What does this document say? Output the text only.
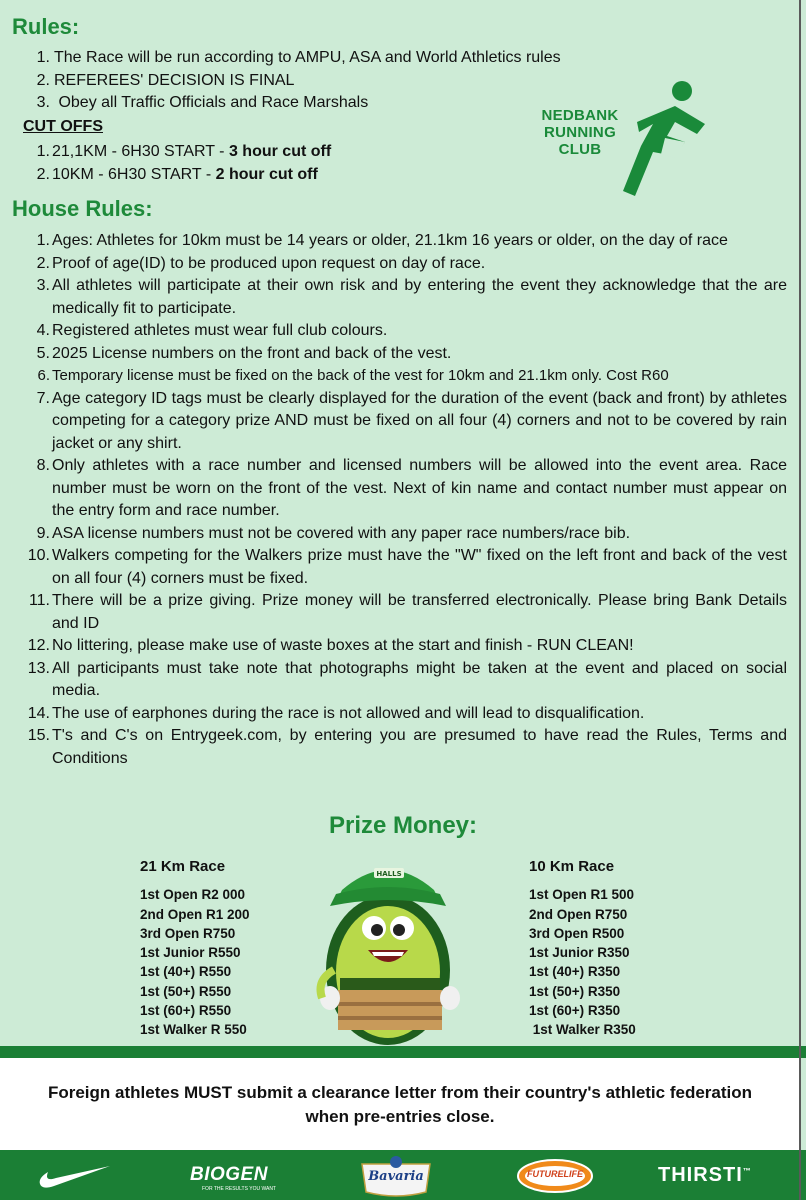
Rules:
1. The Race will be run according to AMPU, ASA and World Athletics rules
2. REFEREES' DECISION IS FINAL
3. Obey all Traffic Officials and Race Marshals
CUT OFFS
1. 21,1KM - 6H30 START - 3 hour cut off
2. 10KM - 6H30 START - 2 hour cut off
NEDBANK
RUNNING
CLUB
House Rules:
1. Ages: Athletes for 10km must be 14 years or older, 21.1km 16 years or older, on the day of race
2. Proof of age(ID) to be produced upon request on day of race.
3. All athletes will participate at their own risk and by entering the event they acknowledge that the are medically fit to participate.
4. Registered athletes must wear full club colours.
5. 2025 License numbers on the front and back of the vest.
6. Temporary license must be fixed on the back of the vest for 10km and 21.1km only. Cost R60
7. Age category ID tags must be clearly displayed for the duration of the event (back and front) by athletes competing for a category prize AND must be fixed on all four (4) corners and not to be covered by rain jacket or any shirt.
8. Only athletes with a race number and licensed numbers will be allowed into the event area. Race number must be worn on the front of the vest. Next of kin name and contact number must appear on the entry form and race number.
9. ASA license numbers must not be covered with any paper race numbers/race bib.
10. Walkers competing for the Walkers prize must have the "W" fixed on the left front and back of the vest on all four (4) corners must be fixed.
11. There will be a prize giving. Prize money will be transferred electronically. Please bring Bank Details and ID
12. No littering, please make use of waste boxes at the start and finish - RUN CLEAN!
13. All participants must take note that photographs might be taken at the event and placed on social media.
14. The use of earphones during the race is not allowed and will lead to disqualification.
15. T's and C's on Entrygeek.com, by entering you are presumed to have read the Rules, Terms and Conditions
Prize Money:
21 Km Race
1st Open R2 000
2nd Open R1 200
3rd Open R750
1st Junior R550
1st (40+) R550
1st (50+) R550
1st (60+) R550
1st Walker R 550
10 Km Race
1st Open R1 500
2nd Open R750
3rd Open R500
1st Junior R350
1st (40+) R350
1st (50+) R350
1st (60+) R350
1st Walker R350
HALLS
Foreign athletes MUST submit a clearance letter from their country's athletic federation when pre-entries close.
BIOGEN
FOR THE RESULTS YOU WANT
Bavaria	FUTURELIFE	THIRSTI™
